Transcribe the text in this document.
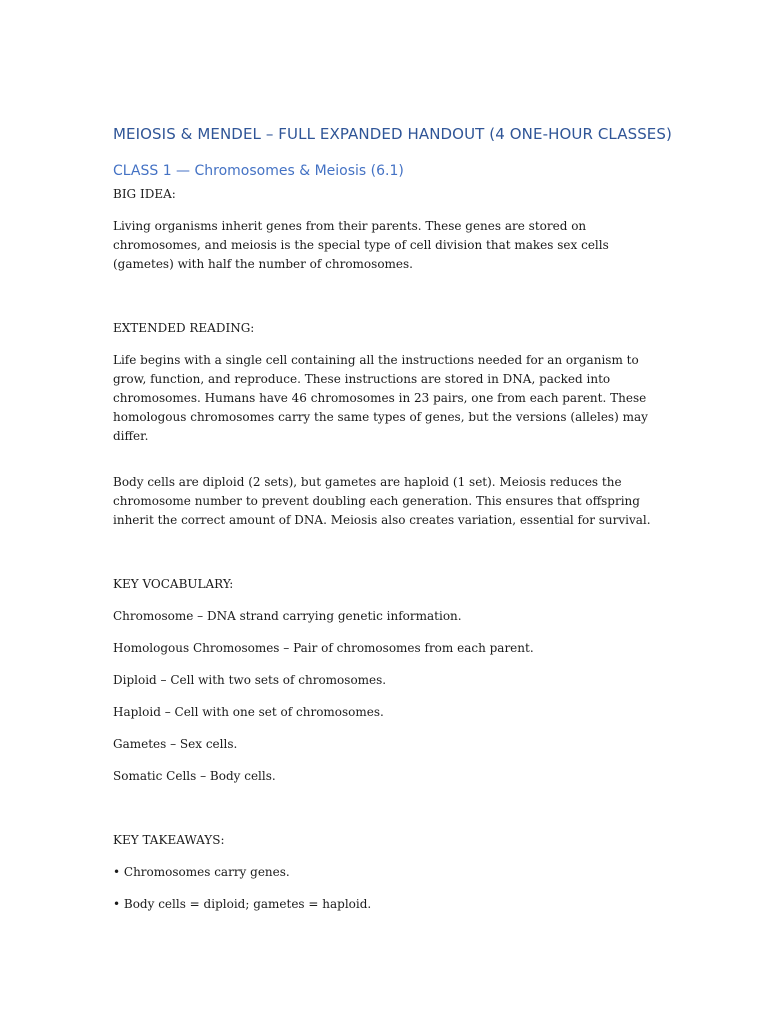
MEIOSIS & MENDEL – FULL EXPANDED HANDOUT (4 ONE-HOUR CLASSES)
CLASS 1 — Chromosomes & Meiosis (6.1)

BIG IDEA:

Living organisms inherit genes from their parents. These genes are stored on chromosomes, and meiosis is the special type of cell division that makes sex cells (gametes) with half the number of chromosomes.

EXTENDED READING:

Life begins with a single cell containing all the instructions needed for an organism to grow, function, and reproduce. These instructions are stored in DNA, packed into chromosomes. Humans have 46 chromosomes in 23 pairs, one from each parent. These homologous chromosomes carry the same types of genes, but the versions (alleles) may differ.

Body cells are diploid (2 sets), but gametes are haploid (1 set). Meiosis reduces the chromosome number to prevent doubling each generation. This ensures that offspring inherit the correct amount of DNA. Meiosis also creates variation, essential for survival.

KEY VOCABULARY:

Chromosome – DNA strand carrying genetic information.

Homologous Chromosomes – Pair of chromosomes from each parent.

Diploid – Cell with two sets of chromosomes.

Haploid – Cell with one set of chromosomes.

Gametes – Sex cells.

Somatic Cells – Body cells.

KEY TAKEAWAYS:

• Chromosomes carry genes.

• Body cells = diploid; gametes = haploid.
